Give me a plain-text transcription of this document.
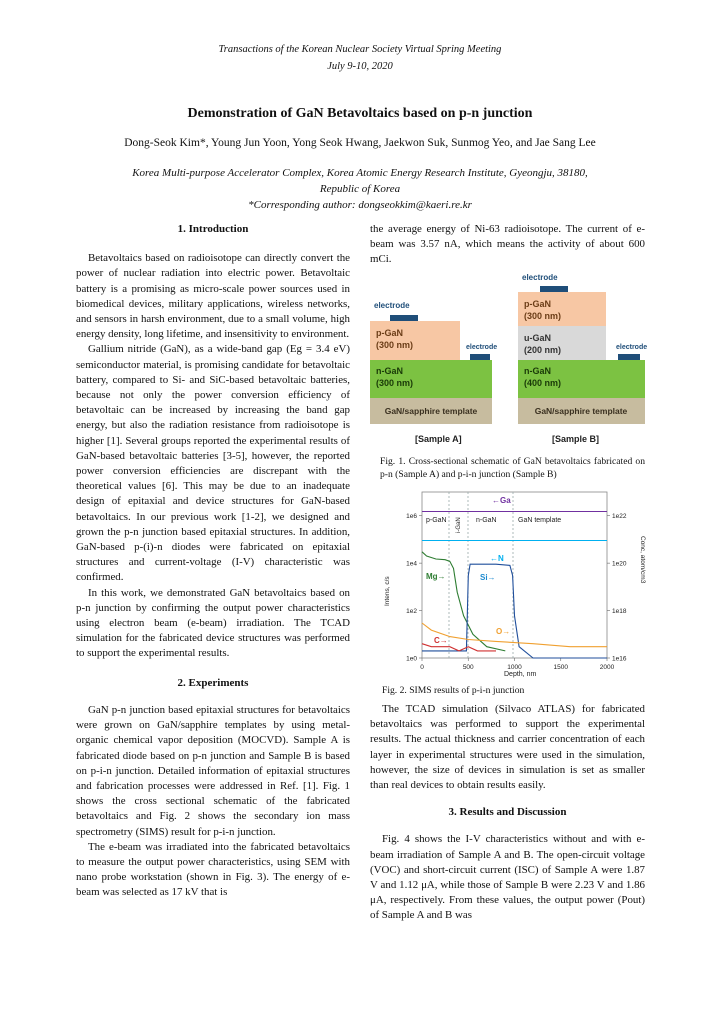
Transactions of the Korean Nuclear Society Virtual Spring Meeting
July 9-10, 2020
Demonstration of GaN Betavoltaics based on p-n junction
Dong-Seok Kim*, Young Jun Yoon, Yong Seok Hwang, Jaekwon Suk, Sunmog Yeo, and Jae Sang Lee
Korea Multi-purpose Accelerator Complex, Korea Atomic Energy Research Institute, Gyeongju, 38180,
Republic of Korea
*Corresponding author: dongseokkim@kaeri.re.kr
1. Introduction

Betavoltaics based on radioisotope can directly convert the power of nuclear radiation into electric power. Betavoltaic battery is a promising as micro-scale power sources used in biomedical devices, military applications, wireless networks, and sensors in harsh environment, due to a small volume, high energy density, long lifetime, and insensitivity to environment.

Gallium nitride (GaN), as a wide-band gap (Eg = 3.4 eV) semiconductor material, is promising candidate for betavoltaic battery, compared to Si- and SiC-based betavoltaic batteries, because not only the power conversion efficiency of betavoltaic can be increased by increasing the band gap energy, but also the radiation resistance from radioisotope is higher [1]. Several groups reported the experimental results of GaN-based betavoltaic batteries [3-5], however, the reported power conversion efficiencies are discrepant with the theoretical values [6]. This may be due to an inadequate design of epitaxial and device structures for GaN-based betavoltaics. In our previous work [1-2], we designed and grown the p-n junction based epitaxial structures. In addition, GaN-based p-(i)-n diodes were fabricated on epitaxial structures and current-voltage (I-V) characteristic was confirmed.

In this work, we demonstrated GaN betavoltaics based on p-n junction by confirming the output power characteristics using electron beam (e-beam) irradiation. The TCAD simulation for the fabricated device structures was performed to support the experimental results.

2. Experiments

GaN p-n junction based epitaxial structures for betavoltaics were grown on GaN/sapphire templates by using metal-organic chemical vapor deposition (MOCVD). Sample A is fabricated diode based on p-n junction and Sample B is based on p-i-n junction. Detailed information of epitaxial structures and fabrication processes were addressed in Ref. [1]. Fig. 1 shows the cross sectional schematic of the fabricated betavoltaics and Fig. 2 shows the secondary ion mass spectrometry (SIMS) result for p-i-n junction.

The e-beam was irradiated into the fabricated betavoltaics to measure the output power characteristics, using SEM with nano probe workstation (shown in Fig. 3). The energy of e-beam was selected as 17 kV that is

the average energy of Ni-63 radioisotope. The current of e-beam was 3.57 nA, which means the activity of about 600 mCi.

electrode
p-GaN
(300 nm)	electrode
n-GaN
(300 nm)
GaN/sapphire template
[Sample A]
electrode
p-GaN
(300 nm)
u-GaN
(200 nm)	electrode
n-GaN
(400 nm)
GaN/sapphire template
[Sample B]
Fig. 1. Cross-sectional schematic of GaN betavoltaics fabricated on p-n (Sample A) and p-i-n junction (Sample B)
p-GaN i-GaN n-GaN	GaN template
0	500	1000	1500	2000
1e6
1e4
1e2
1e0
1e22
1e20
1e18
1e16
←Ga
←N
Mg→	Si→
O→
C→
Intens, c/s
Conc, atom/cm3
Depth, nm
Fig. 2. SIMS results of p-i-n junction

The TCAD simulation (Silvaco ATLAS) for fabricated betavoltaics was performed to support the experimental results. The actual thickness and carrier concentration of each layer in experimental structures were used in the simulation, however, the size of devices in simulation is set as smaller than real devices to obtain results easily.

3. Results and Discussion

Fig. 4 shows the I-V characteristics without and with e-beam irradiation of Sample A and B. The open-circuit voltage (VOC) and short-circuit current (ISC) of Sample A were 1.87 V and 1.12 μA, while those of Sample B were 2.23 V and 1.86 μA, respectively. From these values, the output power (Pout) of Sample A and B was
